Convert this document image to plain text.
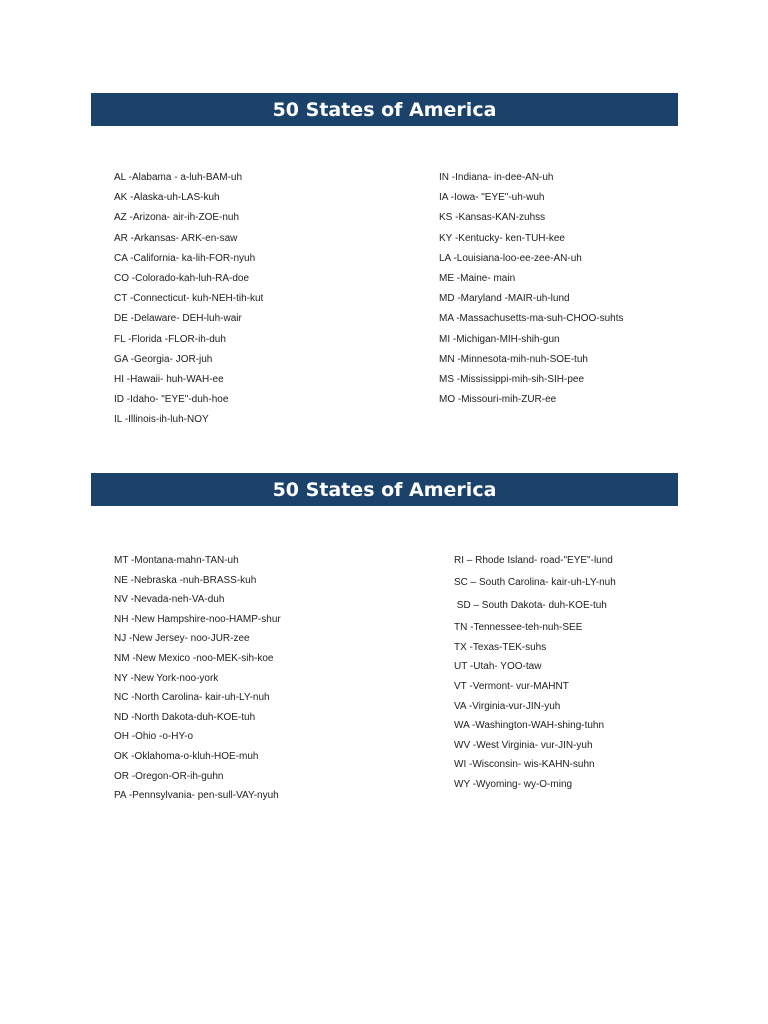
50 States of America
AL -Alabama - a-luh-BAM-uh
AK -Alaska-uh-LAS-kuh
AZ -Arizona- air-ih-ZOE-nuh
AR -Arkansas- ARK-en-saw
CA -California- ka-lih-FOR-nyuh
CO -Colorado-kah-luh-RA-doe
CT -Connecticut- kuh-NEH-tih-kut
DE -Delaware- DEH-luh-wair
FL -Florida -FLOR-ih-duh
GA -Georgia- JOR-juh
HI -Hawaii- huh-WAH-ee
ID -Idaho- "EYE"-duh-hoe
IL -Illinois-ih-luh-NOY
IN -Indiana- in-dee-AN-uh
IA -Iowa- "EYE"-uh-wuh
KS -Kansas-KAN-zuhss
KY -Kentucky- ken-TUH-kee
LA -Louisiana-loo-ee-zee-AN-uh
ME -Maine- main
MD -Maryland -MAIR-uh-lund
MA -Massachusetts-ma-suh-CHOO-suhts
MI -Michigan-MIH-shih-gun
MN -Minnesota-mih-nuh-SOE-tuh
MS -Mississippi-mih-sih-SIH-pee
MO -Missouri-mih-ZUR-ee
50 States of America
MT -Montana-mahn-TAN-uh
NE -Nebraska -nuh-BRASS-kuh
NV -Nevada-neh-VA-duh
NH -New Hampshire-noo-HAMP-shur
NJ -New Jersey- noo-JUR-zee
NM -New Mexico -noo-MEK-sih-koe
NY -New York-noo-york
NC -North Carolina- kair-uh-LY-nuh
ND -North Dakota-duh-KOE-tuh
OH -Ohio -o-HY-o
OK -Oklahoma-o-kluh-HOE-muh
OR -Oregon-OR-ih-guhn
PA -Pennsylvania- pen-sull-VAY-nyuh
RI – Rhode Island- road-"EYE"-lund
SC – South Carolina- kair-uh-LY-nuh
SD – South Dakota- duh-KOE-tuh
TN -Tennessee-teh-nuh-SEE
TX -Texas-TEK-suhs
UT -Utah- YOO-taw
VT -Vermont- vur-MAHNT
VA -Virginia-vur-JIN-yuh
WA -Washington-WAH-shing-tuhn
WV -West Virginia- vur-JIN-yuh
WI -Wisconsin- wis-KAHN-suhn
WY -Wyoming- wy-O-ming
